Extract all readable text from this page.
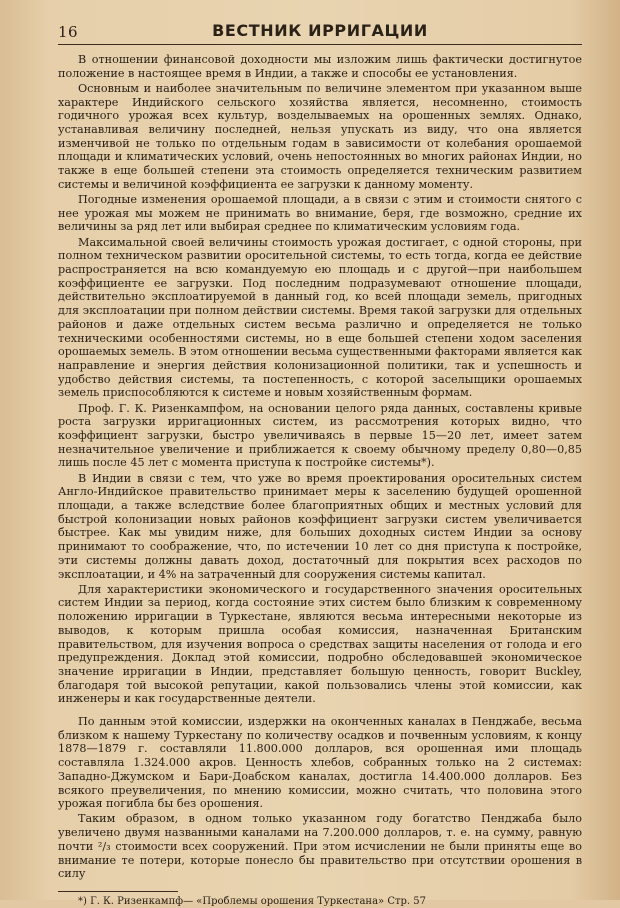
16	ВЕСТНИК ИРРИГАЦИИ

В отношении финансовой доходности мы изложим лишь фактически достигнутое положение в настоящее время в Индии, а также и способы ее установления.

Основным и наиболее значительным по величине элементом при указанном выше характере Индийского сельского хозяйства является, несомненно, стоимость годичного урожая всех культур, возделываемых на орошенных землях. Однако, устанавливая величину последней, нельзя упускать из виду, что она является изменчивой не только по отдельным годам в зависимости от колебания орошаемой площади и климатических условий, очень непостоянных во многих районах Индии, но также в еще большей степени эта стоимость определяется техническим развитием системы и величиной коэффициента ее загрузки к данному моменту.

Погодные изменения орошаемой площади, а в связи с этим и стоимости снятого с нее урожая мы можем не принимать во внимание, беря, где возможно, средние их величины за ряд лет или выбирая среднее по климатическим условиям года.

Максимальной своей величины стоимость урожая достигает, с одной стороны, при полном техническом развитии оросительной системы, то есть тогда, когда ее действие распространяется на всю командуемую ею площадь и с другой—при наибольшем коэффициенте ее загрузки. Под последним подразумевают отношение площади, действительно эксплоатируемой в данный год, ко всей площади земель, пригодных для эксплоатации при полном действии системы. Время такой загрузки для отдельных районов и даже отдельных систем весьма различно и определяется не только техническими особенностями системы, но в еще большей степени ходом заселения орошаемых земель. В этом отношении весьма существенными факторами является как направление и энергия действия колонизационной политики, так и успешность и удобство действия системы, та постепенность, с которой заселыщики орошаемых земель приспособляются к системе и новым хозяйственным формам.

Проф. Г. К. Ризенкампфом, на основании целого ряда данных, составлены кривые роста загрузки ирригационных систем, из рассмотрения которых видно, что коэффициент загрузки, быстро увеличиваясь в первые 15—20 лет, имеет затем незначительное увеличение и приближается к своему обычному пределу 0,80—0,85 лишь после 45 лет с момента приступа к постройке системы*).

В Индии в связи с тем, что уже во время проектирования оросительных систем Англо-Индийское правительство принимает меры к заселению будущей орошенной площади, а также вследствие более благоприятных общих и местных условий для быстрой колонизации новых районов коэффициент загрузки систем увеличивается быстрее. Как мы увидим ниже, для больших доходных систем Индии за основу принимают то соображение, что, по истечении 10 лет со дня приступа к постройке, эти системы должны давать доход, достаточный для покрытия всех расходов по эксплоатации, и 4% на затраченный для сооружения системы капитал.

Для характеристики экономического и государственного значения оросительных систем Индии за период, когда состояние этих систем было близким к современному положению ирригации в Туркестане, являются весьма интересными некоторые из выводов, к которым пришла особая комиссия, назначенная Британским правительством, для изучения вопроса о средствах защиты населения от голода и его предупреждения. Доклад этой комиссии, подробно обследовавшей экономическое значение ирригации в Индии, представляет большую ценность, говорит Buckley, благодаря той высокой репутации, какой пользовались члены этой комиссии, как инженеры и как государственные деятели.

По данным этой комиссии, издержки на оконченных каналах в Пенджабе, весьма близком к нашему Туркестану по количеству осадков и почвенным условиям, к концу 1878—1879 г. составляли 11.800.000 долларов, вся орошенная ими площадь составляла 1.324.000 акров. Ценность хлебов, собранных только на 2 системах: Западно-Джумском и Бари-Доабском каналах, достигла 14.400.000 долларов. Без всякого преувеличения, по мнению комиссии, можно считать, что половина этого урожая погибла бы без орошения.

Таким образом, в одном только указанном году богатство Пенджаба было увеличено двумя названными каналами на 7.200.000 долларов, т. е. на сумму, равную почти ²/₃ стоимости всех сооружений. При этом исчислении не были приняты еще во внимание те потери, которые понесло бы правительство при отсутствии орошения в силу

*) Г. К. Ризенкампф— «Проблемы орошения Туркестана» Стр. 57
